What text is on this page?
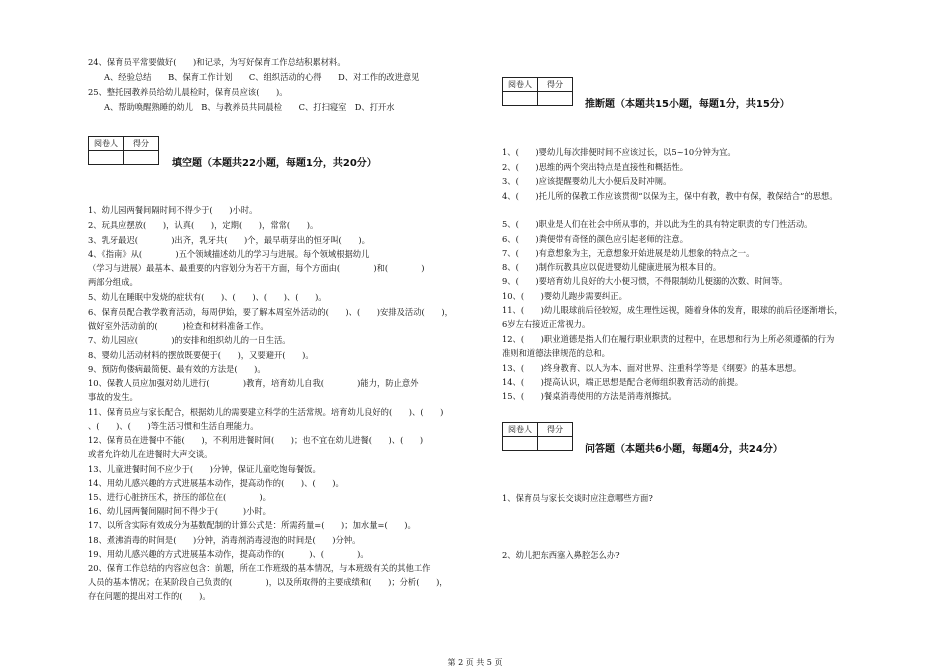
24、保育员平常要做好(　　)和记录，为写好保育工作总结积累材料。
A、经验总结　　B、保育工作计划　　C、组织活动的心得　　D、对工作的改进意见
25、整托园教养员给幼儿晨检时，保育员应该(　　)。
A、帮助唤醒熟睡的幼儿　B、与教养员共同晨检　　C、打扫寝室　D、打开水
阅卷人	得分

填空题（本题共22小题，每题1分，共20分）
1、幼儿园两餐间隔时间不得少于(　　)小时。
2、玩具应摆放(　　)，认真(　　)，定期(　　)，常常(　　)。
3、乳牙最迟(　　　　)出齐，乳牙共(　　)个，最早萌芽出的恒牙叫(　　)。
4、《指南》从(　　　　)五个领域描述幼儿的学习与进展。每个领域根据幼儿
（学习与进展）最基本、最重要的内容划分为若干方面，每个方面由(　　　　)和(　　　　)
两部分组成。
5、幼儿在睡眠中发烧的症状有(　　)、(　　)、(　　)、(　　)。
6、保育员配合教学教育活动，每周伊始，要了解本周室外活动的(　　)、(　　)安排及活动(　　)，
做好室外活动前的(　　　)检查和材料准备工作。
7、幼儿园应(　　　　)的安排和组织幼儿的一日生活。
8、婴幼儿活动材料的摆放既要便于(　　)，又要避开(　　)。
9、预防佝偻病最简便、最有效的方法是(　　)。
10、保教人员应加强对幼儿进行(　　　　)教育，培育幼儿自我(　　　　)能力，防止意外
事故的发生。
11、保育员应与家长配合，根据幼儿的需要建立科学的生活常规。培育幼儿良好的(　　)、(　　)
、(　　)、(　　)等生活习惯和生活自理能力。
12、保育员在进餐中不能(　　)，不利用进餐时间(　　)；也不宜在幼儿进餐(　　)、(　　)
或者允许幼儿在进餐时大声交谈。
13、儿童进餐时间不应少于(　　)分钟，保证儿童吃饱每餐饭。
14、用幼儿感兴趣的方式进展基本动作，提高动作的(　　)、(　　)。
15、进行心脏挤压术，挤压的部位在(　　　　)。
16、幼儿园两餐间隔时间不得少于(　　　)小时。
17、以所含实际有效成分为基数配制的计算公式是：所需药量=(　　)；加水量=(　　)。
18、煮沸消毒的时间是(　　)分钟，消毒剂消毒浸泡的时间是(　　)分钟。
19、用幼儿感兴趣的方式进展基本动作，提高动作的(　　　)、(　　　　)。
20、保育工作总结的内容应包含：前题，所在工作班级的基本情况，与本班级有关的其他工作
人员的基本情况；在某阶段自己负责的(　　　　)，以及所取得的主要成绩和(　　)；分析(　　)，
存在问题的提出对工作的(　　)。
阅卷人	得分

推断题（本题共15小题，每题1分，共15分）
1、(　　)婴幼儿每次排便时间不应该过长，以5~10分钟为宜。
2、(　　)思维的两个突出特点是直接性和概括性。
3、(　　)应该提醒婴幼儿大小便后及时冲厕。
4、(　　)托儿所的保教工作应该贯彻“以保为主，保中有教，教中有保，教保结合”的思想。
5、(　　)职业是人们在社会中所从事的，并以此为生的具有特定职责的专门性活动。
6、(　　)粪便带有奇怪的颜色应引起老师的注意。
7、(　　)有意想象为主，无意想象开始进展是幼儿想象的特点之一。
8、(　　)制作玩教具应以促进婴幼儿健康进展为根本目的。
9、(　　)要培育幼儿良好的大小便习惯，不得限制幼儿便溺的次数、时间等。
10、(　　)婴幼儿跑步需要纠正。
11、(　　)幼儿眼球前后径较短，成生理性远视，随着身体的发育，眼球的前后径逐渐增长，
6岁左右接近正常视力。
12、(　　)职业道德是指人们在履行职业职责的过程中，在思想和行为上所必须遵循的行为
准则和道德法律规范的总和。
13、(　　)终身教育、以人为本、面对世界、注重科学等是《纲要》的基本思想。
14、(　　)提高认识，端正思想是配合老师组织教育活动的前提。
15、(　　)餐桌消毒使用的方法是消毒剂擦拭。
阅卷人	得分

问答题（本题共6小题，每题4分，共24分）
1、保育员与家长交谈时应注意哪些方面?
2、幼儿把东西塞入鼻腔怎么办?
第 2 页 共 5 页
